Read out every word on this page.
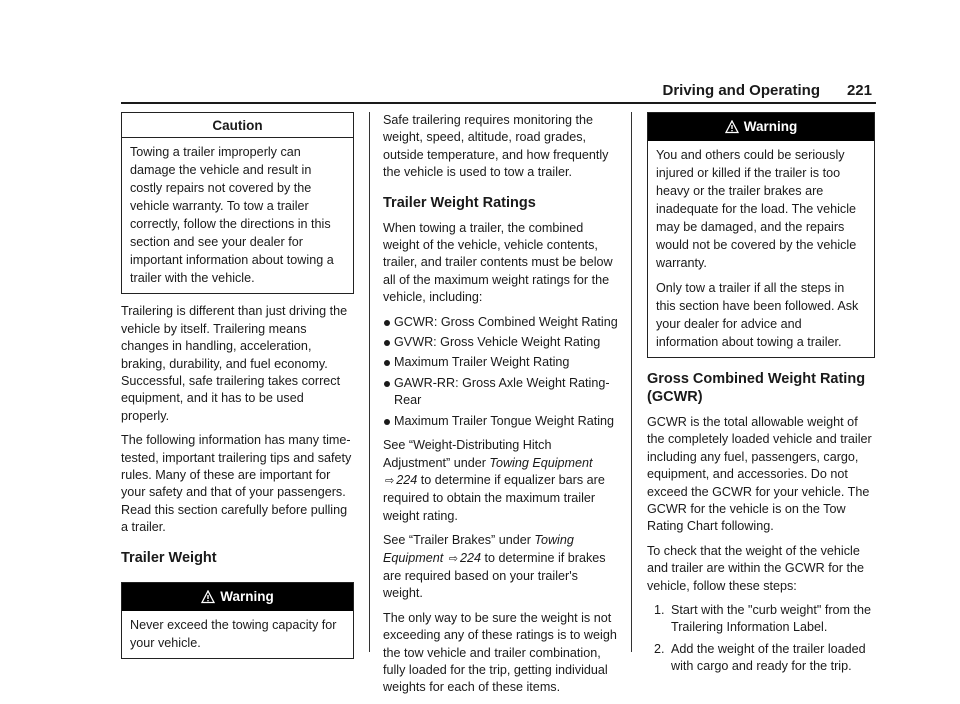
Driving and Operating 221
Caution

Towing a trailer improperly can damage the vehicle and result in costly repairs not covered by the vehicle warranty. To tow a trailer correctly, follow the directions in this section and see your dealer for important information about towing a trailer with the vehicle.

Trailering is different than just driving the vehicle by itself. Trailering means changes in handling, acceleration, braking, durability, and fuel economy. Successful, safe trailering takes correct equipment, and it has to be used properly.

The following information has many time-tested, important trailering tips and safety rules. Many of these are important for your safety and that of your passengers. Read this section carefully before pulling a trailer.

Trailer Weight
Warning

Never exceed the towing capacity for your vehicle.

Safe trailering requires monitoring the weight, speed, altitude, road grades, outside temperature, and how frequently the vehicle is used to tow a trailer.

Trailer Weight Ratings

When towing a trailer, the combined weight of the vehicle, vehicle contents, trailer, and trailer contents must be below all of the maximum weight ratings for the vehicle, including:

GCWR: Gross Combined Weight Rating
GVWR: Gross Vehicle Weight Rating
Maximum Trailer Weight Rating
GAWR-RR: Gross Axle Weight Rating-Rear
Maximum Trailer Tongue Weight Rating

See “Weight-Distributing Hitch Adjustment” under Towing Equipment ⇨ 224 to determine if equalizer bars are required to obtain the maximum trailer weight rating.

See “Trailer Brakes” under Towing Equipment ⇨ 224 to determine if brakes are required based on your trailer's weight.

The only way to be sure the weight is not exceeding any of these ratings is to weigh the tow vehicle and trailer combination, fully loaded for the trip, getting individual weights for each of these items.

Warning

You and others could be seriously injured or killed if the trailer is too heavy or the trailer brakes are inadequate for the load. The vehicle may be damaged, and the repairs would not be covered by the vehicle warranty.

Only tow a trailer if all the steps in this section have been followed. Ask your dealer for advice and information about towing a trailer.

Gross Combined Weight Rating (GCWR)

GCWR is the total allowable weight of the completely loaded vehicle and trailer including any fuel, passengers, cargo, equipment, and accessories. Do not exceed the GCWR for your vehicle. The GCWR for the vehicle is on the Tow Rating Chart following.

To check that the weight of the vehicle and trailer are within the GCWR for the vehicle, follow these steps:

1. Start with the "curb weight" from the Trailering Information Label.
2. Add the weight of the trailer loaded with cargo and ready for the trip.
